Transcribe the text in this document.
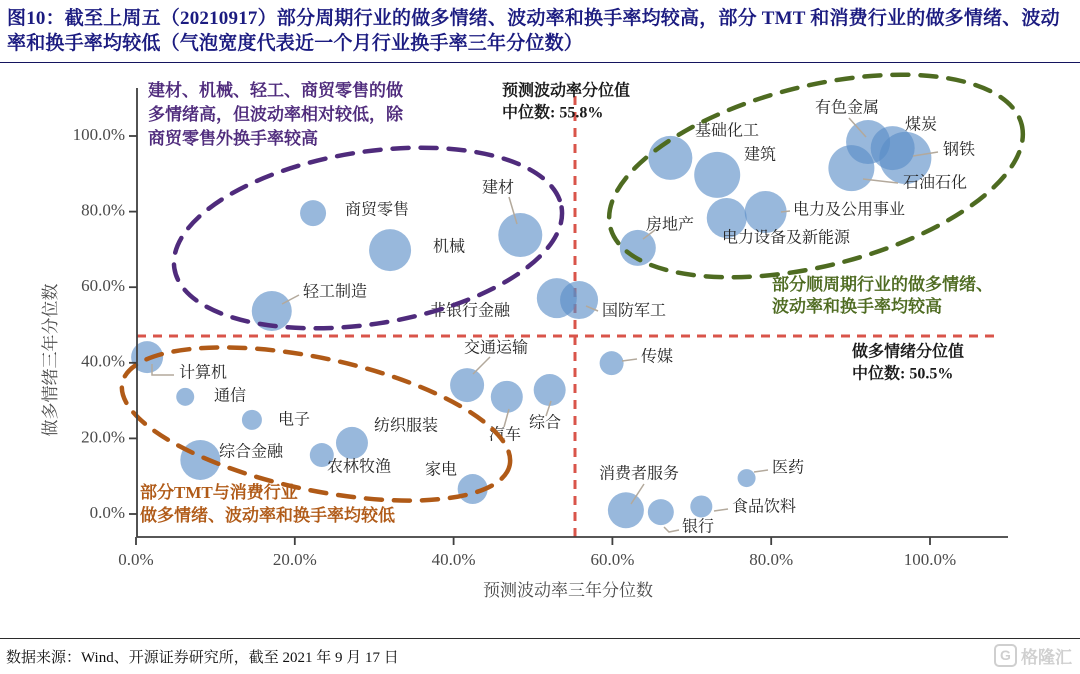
图10：截至上周五（20210917）部分周期行业的做多情绪、波动率和换手率均较高，部分 TMT 和消费行业的做多情绪、波动率和换手率均较低（气泡宽度代表近一个月行业换手率三年分位数）
商贸零售
机械
建材
轻工制造
基础化工
建筑
有色金属
煤炭
钢铁
石油石化
电力及公用事业
电力设备及新能源
房地产
非银行金融	国防军工
传媒
计算机
通信
电子
综合金融
农林牧渔
纺织服装
家电
交通运输
汽车
综合
消费者服务
银行
食品饮料
医药
部分顺周期行业的做多情绪、
波动率和换手率均较高
建材、机械、轻工、商贸零售的做
多情绪高，但波动率相对较低，除
商贸零售外换手率较高
部分TMT与消费行业
做多情绪、波动率和换手率均较低
预测波动率分位值
中位数: 55.8%
做多情绪分位值
中位数: 50.5%
0.0%
20.0%
40.0%
60.0%
80.0%
100.0%
0.0%	20.0%	40.0%	60.0%	80.0%	100.0%
预测波动率三年分位数
做多情绪三年分位数
数据来源：Wind、开源证券研究所，截至 2021 年 9 月 17 日	G 格隆汇
